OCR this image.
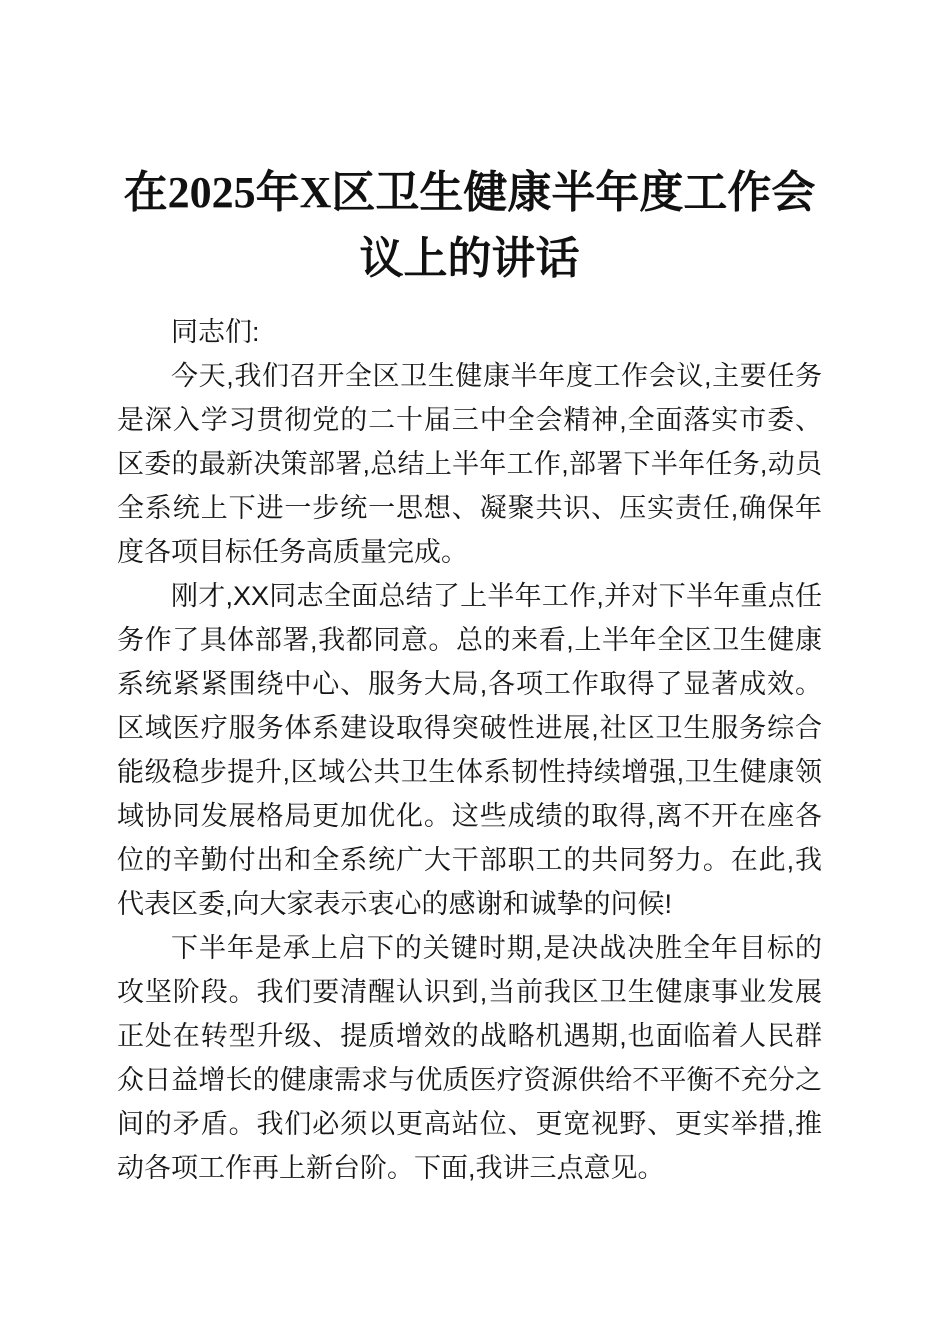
在2025年X区卫生健康半年度工作会议上的讲话

同志们:

今天,我们召开全区卫生健康半年度工作会议,主要任务是深入学习贯彻党的二十届三中全会精神,全面落实市委、区委的最新决策部署,总结上半年工作,部署下半年任务,动员全系统上下进一步统一思想、凝聚共识、压实责任,确保年度各项目标任务高质量完成。

刚才,XX同志全面总结了上半年工作,并对下半年重点任务作了具体部署,我都同意。总的来看,上半年全区卫生健康系统紧紧围绕中心、服务大局,各项工作取得了显著成效。区域医疗服务体系建设取得突破性进展,社区卫生服务综合能级稳步提升,区域公共卫生体系韧性持续增强,卫生健康领域协同发展格局更加优化。这些成绩的取得,离不开在座各位的辛勤付出和全系统广大干部职工的共同努力。在此,我代表区委,向大家表示衷心的感谢和诚挚的问候!

下半年是承上启下的关键时期,是决战决胜全年目标的攻坚阶段。我们要清醒认识到,当前我区卫生健康事业发展正处在转型升级、提质增效的战略机遇期,也面临着人民群众日益增长的健康需求与优质医疗资源供给不平衡不充分之间的矛盾。我们必须以更高站位、更宽视野、更实举措,推动各项工作再上新台阶。下面,我讲三点意见。
